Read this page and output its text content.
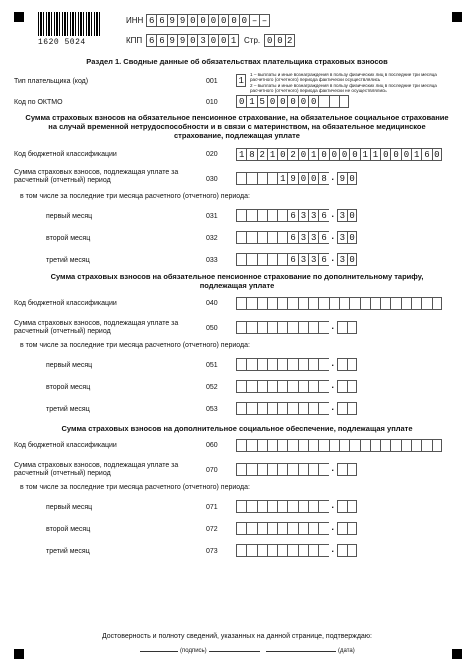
1620 5024
ИНН 6 6 9 9 0 0 0 0 0 0 – –
КПП 6 6 9 9 0 3 0 0 1 Стр. 0 0 2
Раздел 1. Сводные данные об обязательствах плательщика страховых взносов
Тип плательщика (код)	001 1
1 – выплаты и иные вознаграждения в пользу физических лиц в последние три месяца расчетного (отчетного) периода фактически осуществлялись
2 – выплаты и иные вознаграждения в пользу физических лиц в последние три месяца расчетного (отчетного) периода фактически не осуществлялись
Код по ОКТМО	010	0 1 5 0 0 0 0 0
Сумма страховых взносов на обязательное пенсионное страхование, на обязательное социальное страхование на случай временной нетрудоспособности и в связи с материнством, на обязательное медицинское страхование, подлежащая уплате
Код бюджетной классификации	020	1 8 2 1 0 2 0 1 0 0 0 0 1 1 0 0 0 1 6 0
Сумма страховых взносов, подлежащая уплате за расчетный (отчетный) период	030	1 9 0 0 8 . 9 0
в том числе за последние три месяца расчетного (отчетного) периода:
первый месяц	031	6 3 3 6 . 3 0
второй месяц	032	6 3 3 6 . 3 0
третий месяц	033	6 3 3 6 . 3 0
Сумма страховых взносов на обязательное пенсионное страхование по дополнительному тарифу, подлежащая уплате
Код бюджетной классификации	040
Сумма страховых взносов, подлежащая уплате за расчетный (отчетный) период	050	.
в том числе за последние три месяца расчетного (отчетного) периода:
первый месяц	051	.
второй месяц	052	.
третий месяц	053	.
Сумма страховых взносов на дополнительное социальное обеспечение, подлежащая уплате
Код бюджетной классификации	060
Сумма страховых взносов, подлежащая уплате за расчетный (отчетный) период	070	.
в том числе за последние три месяца расчетного (отчетного) периода:
первый месяц	071	.
второй месяц	072	.
третий месяц	073	.
Достоверность и полноту сведений, указанных на данной странице, подтверждаю:
(подпись)	(дата)
